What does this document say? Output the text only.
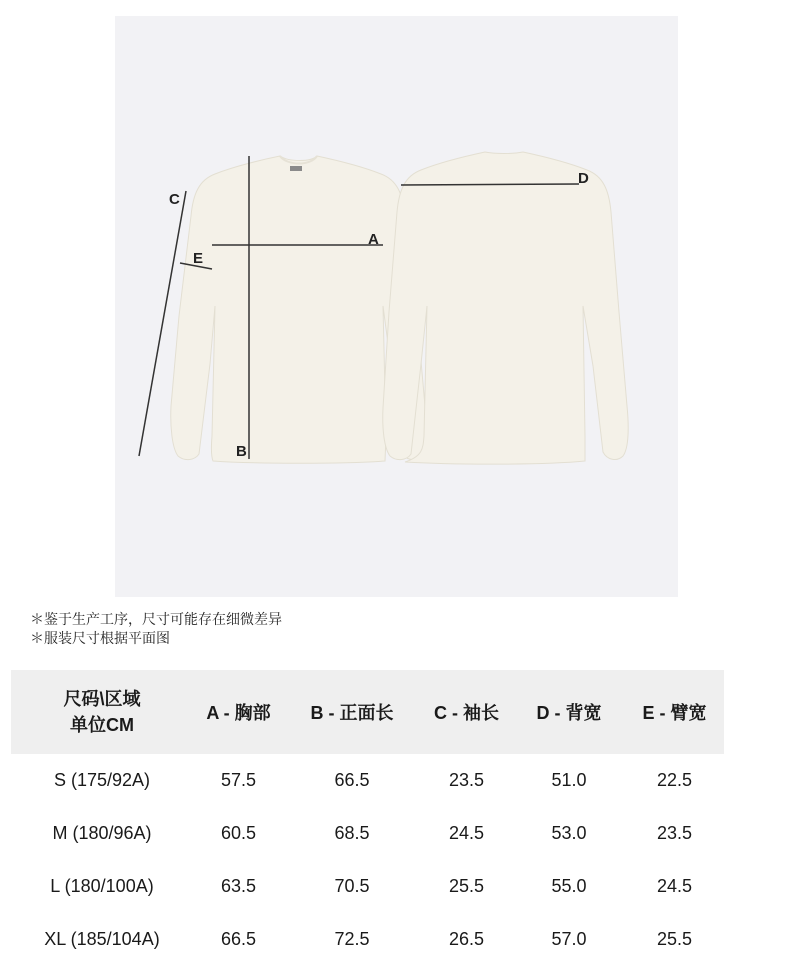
A
B
C
D
E
＊鉴于生产工序，尺寸可能存在细微差异
＊服装尺寸根据平面图
尺码\区域
单位CM	A - 胸部	B - 正面长	C - 袖长	D - 背宽	E - 臂宽
S (175/92A)	57.5	66.5	23.5	51.0	22.5
M (180/96A)	60.5	68.5	24.5	53.0	23.5
L (180/100A)	63.5	70.5	25.5	55.0	24.5
XL (185/104A)	66.5	72.5	26.5	57.0	25.5
